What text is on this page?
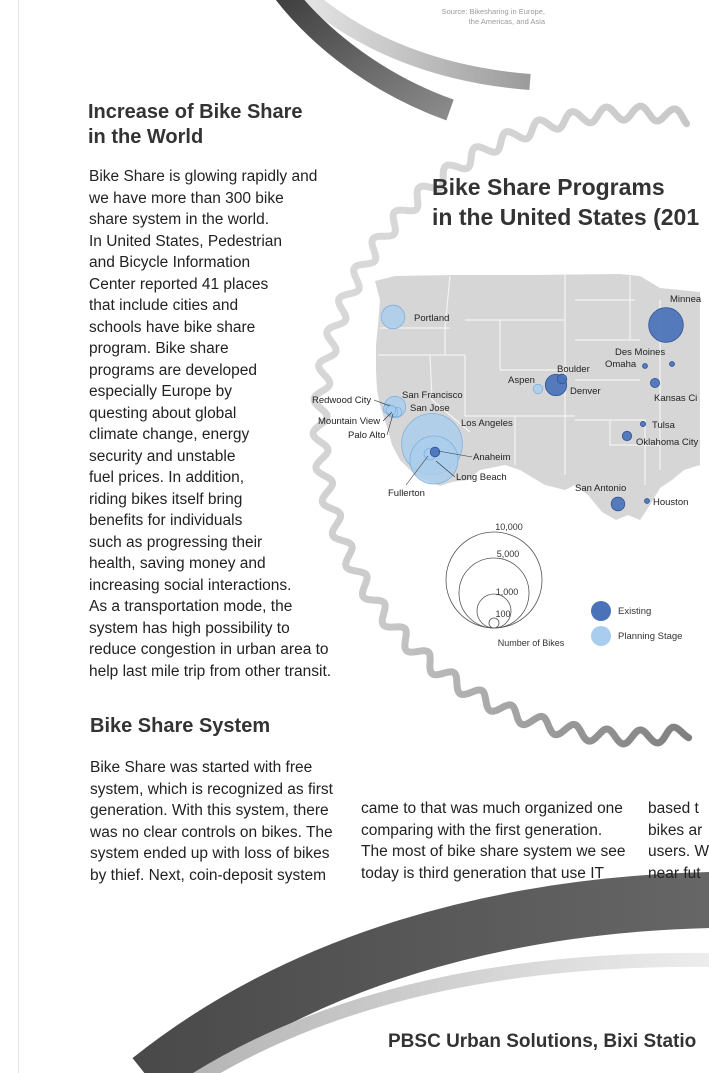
Portland
Minnea
Des Moines
Omaha
Boulder
Aspen
Denver
Kansas Ci
Redwood City	San Francisco
San Jose
Mountain View
Palo Alto
Los Angeles
Anaheim
Long Beach
Fullerton
Tulsa
Oklahoma City
San Antonio
Houston
10,000
5,000
1,000
100
Number of Bikes
Existing
Planning Stage
Source: Bikesharing in Europe,
the Americas, and Asia
Increase of Bike Share
in the World
Bike Share is glowing rapidly and
we have more than 300 bike
share system in the world.
In United States, Pedestrian
and Bicycle Information
Center reported 41 places
that include cities and
schools have bike share
program. Bike share
programs are developed
especially Europe by
questing about global
climate change, energy
security and unstable
fuel prices. In addition,
riding bikes itself bring
benefits for individuals
such as progressing their
health, saving money and
increasing social interactions.
As a transportation mode, the
system has high possibility to
reduce congestion in urban area to
help last mile trip from other transit.
Bike Share Programs
in the United States (201
Bike Share System
Bike Share was started with free
system, which is recognized as first
generation. With this system, there
was no clear controls on bikes. The
system ended up with loss of bikes
by thief. Next, coin-deposit system
came to that was much organized one
comparing with the first generation.
The most of bike share system we see
today is third generation that use IT
based t
bikes ar
users. W
near fut
PBSC Urban Solutions, Bixi Statio
